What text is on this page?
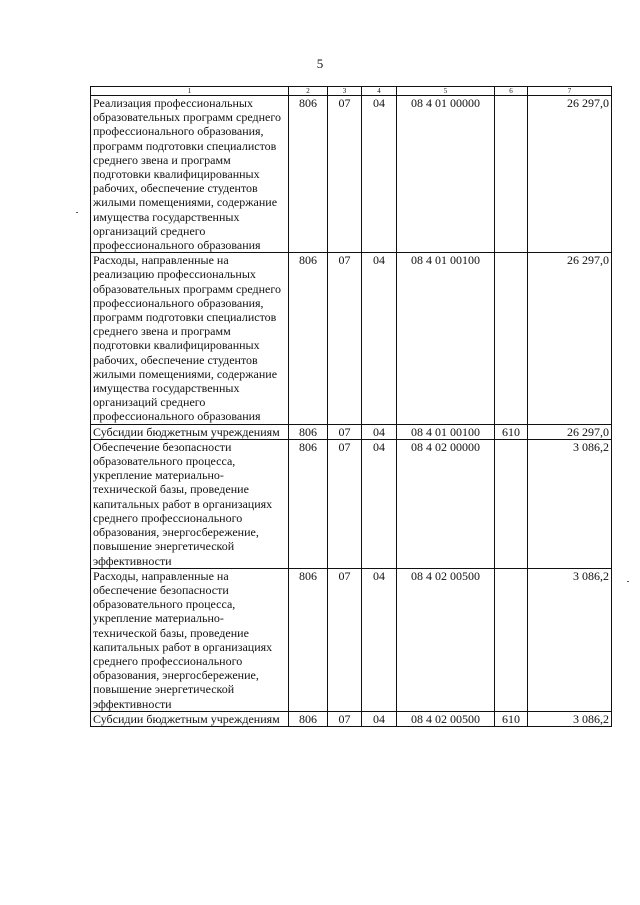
5
1	2	3	4	5	6	7
Реализация профессиональных образовательных программ среднего профессионального образования, программ подготовки специалистов среднего звена и программ подготовки квалифицированных рабочих, обеспечение студентов жилыми помещениями, содержание имущества государственных организаций среднего профессионального образования	806	07	04	08 4 01 00000		26 297,0
Расходы, направленные на реализацию профессиональных образовательных программ среднего профессионального образования, программ подготовки специалистов среднего звена и программ подготовки квалифицированных рабочих, обеспечение студентов жилыми помещениями, содержание имущества государственных организаций среднего профессионального образования	806	07	04	08 4 01 00100		26 297,0
Субсидии бюджетным учреждениям	806	07	04	08 4 01 00100	610	26 297,0
Обеспечение безопасности образовательного процесса, укрепление материально-технической базы, проведение капитальных работ в организациях среднего профессионального образования, энергосбережение, повышение энергетической эффективности	806	07	04	08 4 02 00000		3 086,2
Расходы, направленные на обеспечение безопасности образовательного процесса, укрепление материально-технической базы, проведение капитальных работ в организациях среднего профессионального образования, энергосбережение, повышение энергетической эффективности	806	07	04	08 4 02 00500		3 086,2
Субсидии бюджетным учреждениям	806	07	04	08 4 02 00500	610	3 086,2
